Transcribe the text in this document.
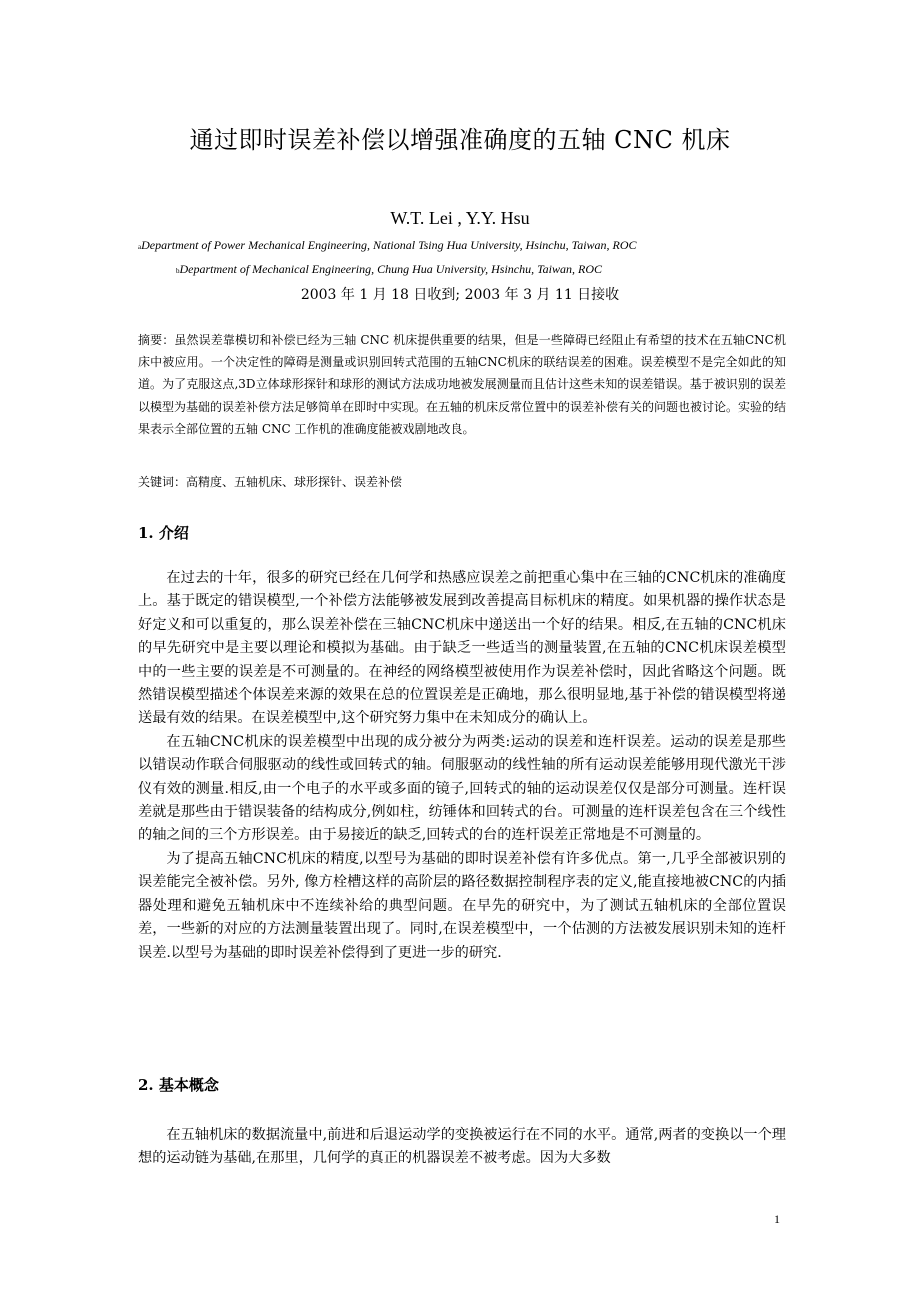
通过即时误差补偿以增强准确度的五轴 CNC 机床
W.T. Lei , Y.Y. Hsu
aDepartment of Power Mechanical Engineering, National Tsing Hua University, Hsinchu, Taiwan, ROC
bDepartment of Mechanical Engineering, Chung Hua University, Hsinchu, Taiwan, ROC
2003 年 1 月 18 日收到; 2003 年 3 月 11 日接收
摘要：虽然误差靠模切和补偿已经为三轴 CNC 机床提供重要的结果，但是一些障碍已经阻止有希望的技术在五轴CNC机床中被应用。一个决定性的障碍是测量或识别回转式范围的五轴CNC机床的联结误差的困难。误差模型不是完全如此的知道。为了克服这点,3D立体球形探针和球形的测试方法成功地被发展测量而且估计这些未知的误差错误。基于被识别的误差以模型为基础的误差补偿方法足够简单在即时中实现。在五轴的机床反常位置中的误差补偿有关的问题也被讨论。实验的结果表示全部位置的五轴 CNC 工作机的准确度能被戏剧地改良。
关键词：高精度、五轴机床、球形探针、误差补偿
1. 介绍

在过去的十年，很多的研究已经在几何学和热感应误差之前把重心集中在三轴的CNC机床的准确度上。基于既定的错误模型,一个补偿方法能够被发展到改善提高目标机床的精度。如果机器的操作状态是好定义和可以重复的，那么误差补偿在三轴CNC机床中递送出一个好的结果。相反,在五轴的CNC机床的早先研究中是主要以理论和模拟为基础。由于缺乏一些适当的测量装置,在五轴的CNC机床误差模型中的一些主要的误差是不可测量的。在神经的网络模型被使用作为误差补偿时，因此省略这个问题。既然错误模型描述个体误差来源的效果在总的位置误差是正确地，那么很明显地,基于补偿的错误模型将递送最有效的结果。在误差模型中,这个研究努力集中在未知成分的确认上。

在五轴CNC机床的误差模型中出现的成分被分为两类:运动的误差和连杆误差。运动的误差是那些以错误动作联合伺服驱动的线性或回转式的轴。伺服驱动的线性轴的所有运动误差能够用现代激光干涉仪有效的测量.相反,由一个电子的水平或多面的镜子,回转式的轴的运动误差仅仅是部分可测量。连杆误差就是那些由于错误装备的结构成分,例如柱，纺锤体和回转式的台。可测量的连杆误差包含在三个线性的轴之间的三个方形误差。由于易接近的缺乏,回转式的台的连杆误差正常地是不可测量的。

为了提高五轴CNC机床的精度,以型号为基础的即时误差补偿有许多优点。第一,几乎全部被识别的误差能完全被补偿。另外, 像方栓槽这样的高阶层的路径数据控制程序表的定义,能直接地被CNC的内插器处理和避免五轴机床中不连续补给的典型问题。在早先的研究中，为了测试五轴机床的全部位置误差，一些新的对应的方法测量装置出现了。同时,在误差模型中，一个估测的方法被发展识别未知的连杆误差.以型号为基础的即时误差补偿得到了更进一步的研究.

2. 基本概念

在五轴机床的数据流量中,前进和后退运动学的变换被运行在不同的水平。通常,两者的变换以一个理想的运动链为基础,在那里，几何学的真正的机器误差不被考虑。因为大多数

1
